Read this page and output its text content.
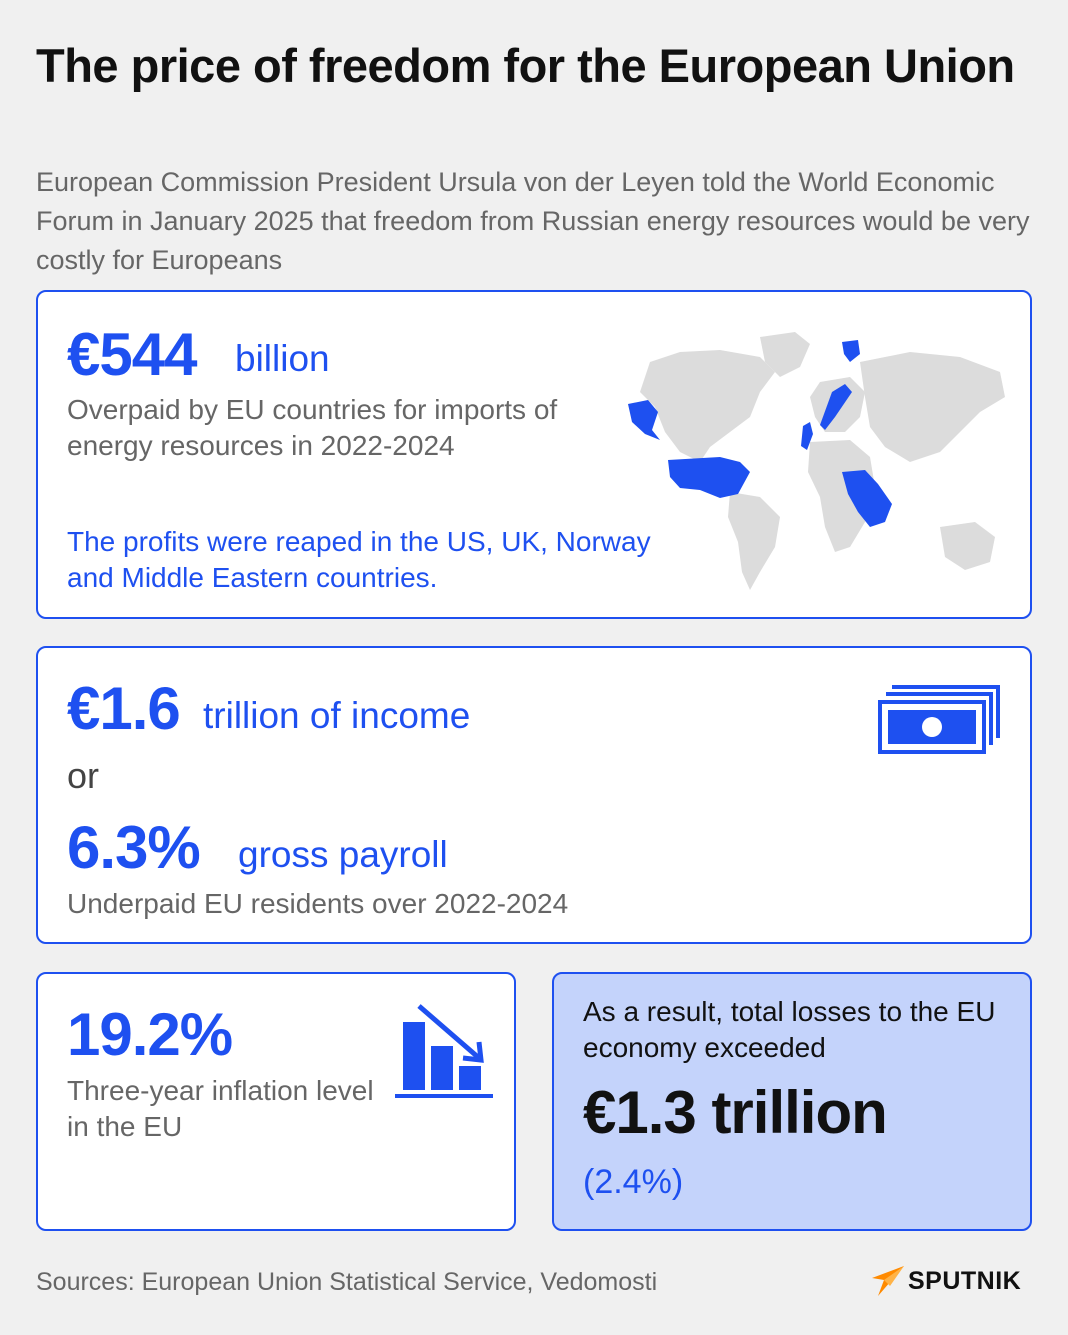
The price of freedom for the European Union
European Commission President Ursula von der Leyen told the World Economic Forum in January 2025 that freedom from Russian energy resources would be very costly for Europeans
€544 billion
Overpaid by EU countries for imports of energy resources in 2022-2024
The profits were reaped in the US, UK, Norway and Middle Eastern countries.
€1.6 trillion of income
or
6.3% gross payroll
Underpaid EU residents over 2022-2024
19.2%
Three-year inflation level in the EU
As a result, total losses to the EU economy exceeded
€1.3 trillion
(2.4%)
Sources: European Union Statistical Service, Vedomosti	SPUTNIK
